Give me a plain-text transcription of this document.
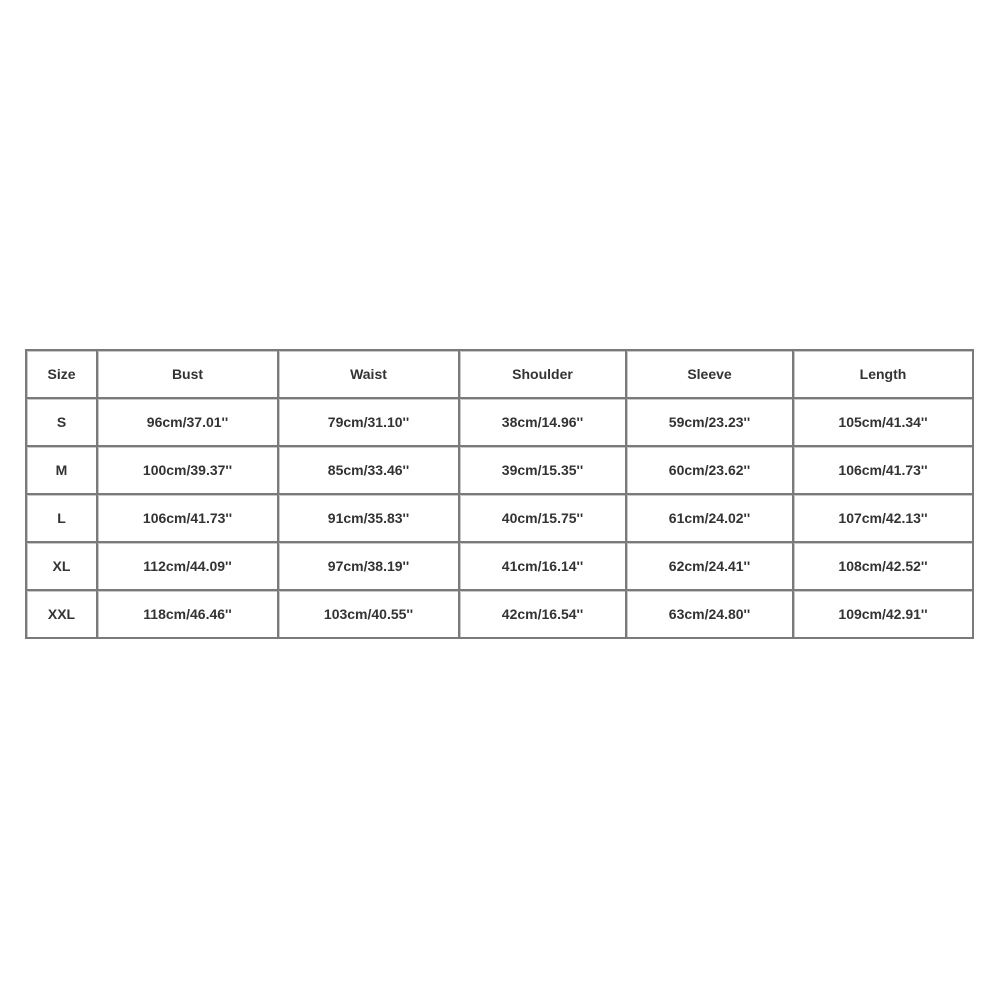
Size	Bust	Waist	Shoulder	Sleeve	Length
S	96cm/37.01''	79cm/31.10''	38cm/14.96''	59cm/23.23''	105cm/41.34''
M	100cm/39.37''	85cm/33.46''	39cm/15.35''	60cm/23.62''	106cm/41.73''
L	106cm/41.73''	91cm/35.83''	40cm/15.75''	61cm/24.02''	107cm/42.13''
XL	112cm/44.09''	97cm/38.19''	41cm/16.14''	62cm/24.41''	108cm/42.52''
XXL	118cm/46.46''	103cm/40.55''	42cm/16.54''	63cm/24.80''	109cm/42.91''
